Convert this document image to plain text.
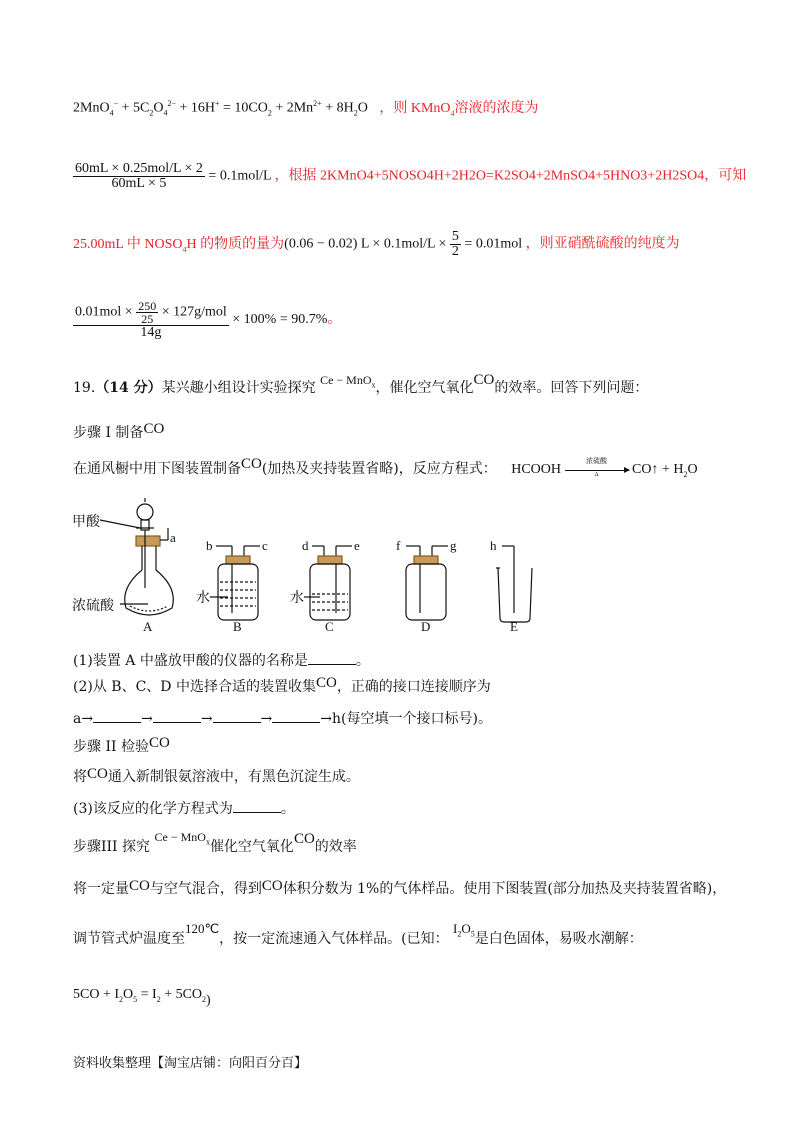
$2MnO_4^- + 5C_2O_4^{2-} + 16H^+ = 10CO_2 + 2Mn^{2+} + 8H_2O$ ，则 KMnO$_4$溶液的浓度为
$\frac{\text{60mL × 0.25mol/L × 2}}{60mL \times 5} = 0.1mol/L$ ，根据 2KMnO4+5NOSO4H+2H2O=K2SO4+2MnSO4+5HNO3+2H2SO4，可知
25.00mL 中 $NOSO_4H$ 的物质的量为(0.06 − 0.02) $L \times 0.1mol/L \times \frac{5}{2} = 0.01mol$ ，则亚硝酰硫酸的纯度为
$\frac{0.01mol \times \frac{250}{25} \times 127g/mol}{14g} \times 100\% = 90.7\%$。
19.（14 分）某兴趣小组设计实验探究 Ce − MnO$_x$，催化空气氧化CO的效率。回答下列问题：
步骤 I 制备CO
在通风橱中用下图装置制备CO(加热及夹持装置省略)，反应方程式： HCOOH
浓硫酸
Δ	CO↑ + $H_2O$
甲酸
a
浓硫酸
A
b	c
水
B
d	e
水
C
f	g
D
h
E
(1)装置 A 中盛放甲酸的仪器的名称是	。
(2)从 B、C、D 中选择合适的装置收集CO，正确的接口连接顺序为
a→	→	→	→	→h(每空填一个接口标号)。
步骤 II 检验CO
将CO通入新制银氨溶液中，有黑色沉淀生成。
(3)该反应的化学方程式为	。
步骤III 探究 Ce − MnO$_x$催化空气氧化CO的效率
将一定量CO与空气混合，得到CO体积分数为 1%的气体样品。使用下图装置(部分加热及夹持装置省略)，
调节管式炉温度至120℃，按一定流速通入气体样品。(已知： $I_2O_5$是白色固体，易吸水潮解：
$5CO + I_2O_5 = I_2 + 5CO_2$)
资料收集整理【淘宝店铺：向阳百分百】
